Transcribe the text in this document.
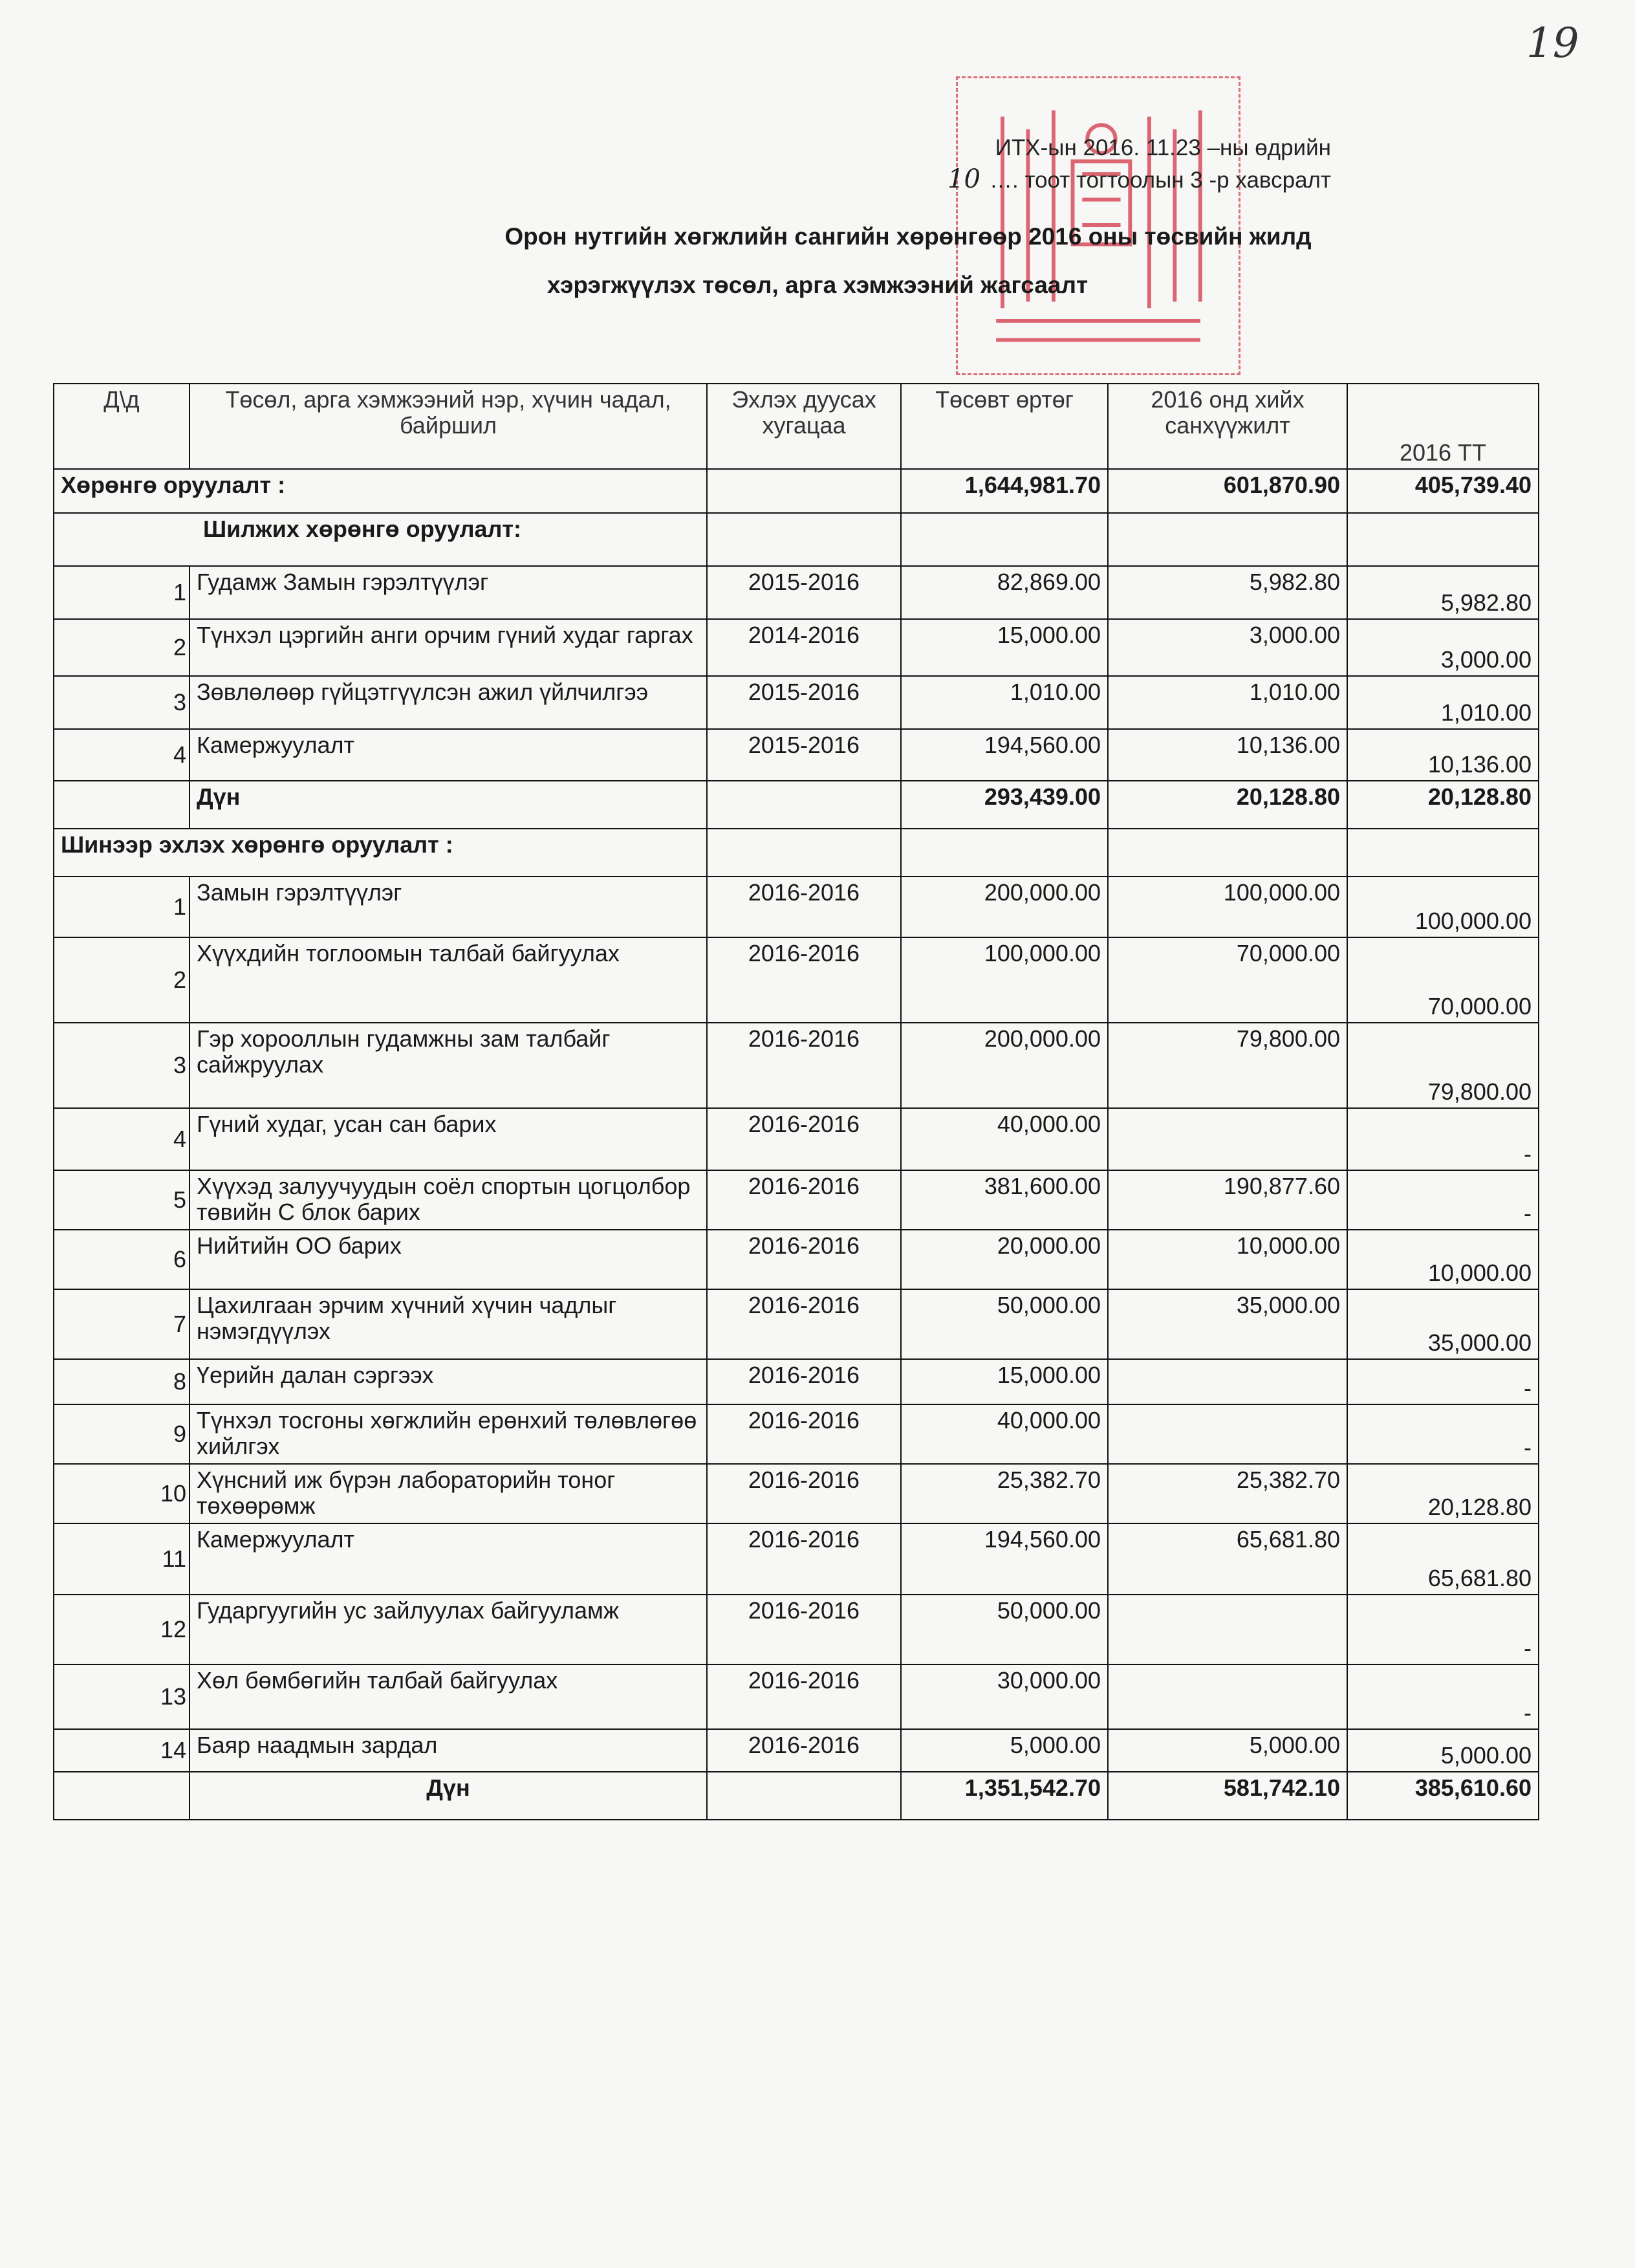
19
ИТХ-ын 2016. 11.23 –ны өдрийн
10 …. тоот тогтоолын 3 -р хавсралт
Орон нутгийн хөгжлийн сангийн хөрөнгөөр 2016 оны төсвийн жилд
хэрэгжүүлэх төсөл, арга хэмжээний жагсаалт
Д\д	Төсөл, арга хэмжээний нэр, хүчин чадал, байршил	Эхлэх дуусах хугацаа	Төсөвт өртөг	2016 онд хийх санхүүжилт	2016 ТТ
Хөрөнгө оруулалт :			1,644,981.70	601,870.90	405,739.40
Шилжих хөрөнгө оруулалт:					
1	Гудамж Замын гэрэлтүүлэг	2015-2016	82,869.00	5,982.80	5,982.80
2	Түнхэл цэргийн анги орчим гүний худаг гаргах	2014-2016	15,000.00	3,000.00	3,000.00
3	Зөвлөлөөр гүйцэтгүүлсэн ажил үйлчилгээ	2015-2016	1,010.00	1,010.00	1,010.00
4	Камержуулалт	2015-2016	194,560.00	10,136.00	10,136.00
	Дүн		293,439.00	20,128.80	20,128.80
Шинээр эхлэх хөрөнгө оруулалт :					
1	Замын гэрэлтүүлэг	2016-2016	200,000.00	100,000.00	100,000.00
2	Хүүхдийн тоглоомын талбай байгуулах	2016-2016	100,000.00	70,000.00	70,000.00
3	Гэр хорооллын гудамжны зам талбайг сайжруулах	2016-2016	200,000.00	79,800.00	79,800.00
4	Гүний худаг, усан сан барих	2016-2016	40,000.00		-
5	Хүүхэд залуучуудын соёл спортын цогцолбор төвийн С блок барих	2016-2016	381,600.00	190,877.60	-
6	Нийтийн ОО барих	2016-2016	20,000.00	10,000.00	10,000.00
7	Цахилгаан эрчим хүчний хүчин чадлыг нэмэгдүүлэх	2016-2016	50,000.00	35,000.00	35,000.00
8	Үерийн далан сэргээх	2016-2016	15,000.00		-
9	Түнхэл тосгоны хөгжлийн ерөнхий төлөвлөгөө хийлгэх	2016-2016	40,000.00		-
10	Хүнсний иж бүрэн лабораторийн тоног төхөөрөмж	2016-2016	25,382.70	25,382.70	20,128.80
11	Камержуулалт	2016-2016	194,560.00	65,681.80	65,681.80
12	Гударгуугийн ус зайлуулах байгууламж	2016-2016	50,000.00		-
13	Хөл бөмбөгийн талбай байгуулах	2016-2016	30,000.00		-
14	Баяр наадмын зардал	2016-2016	5,000.00	5,000.00	5,000.00
	Дүн		1,351,542.70	581,742.10	385,610.60
